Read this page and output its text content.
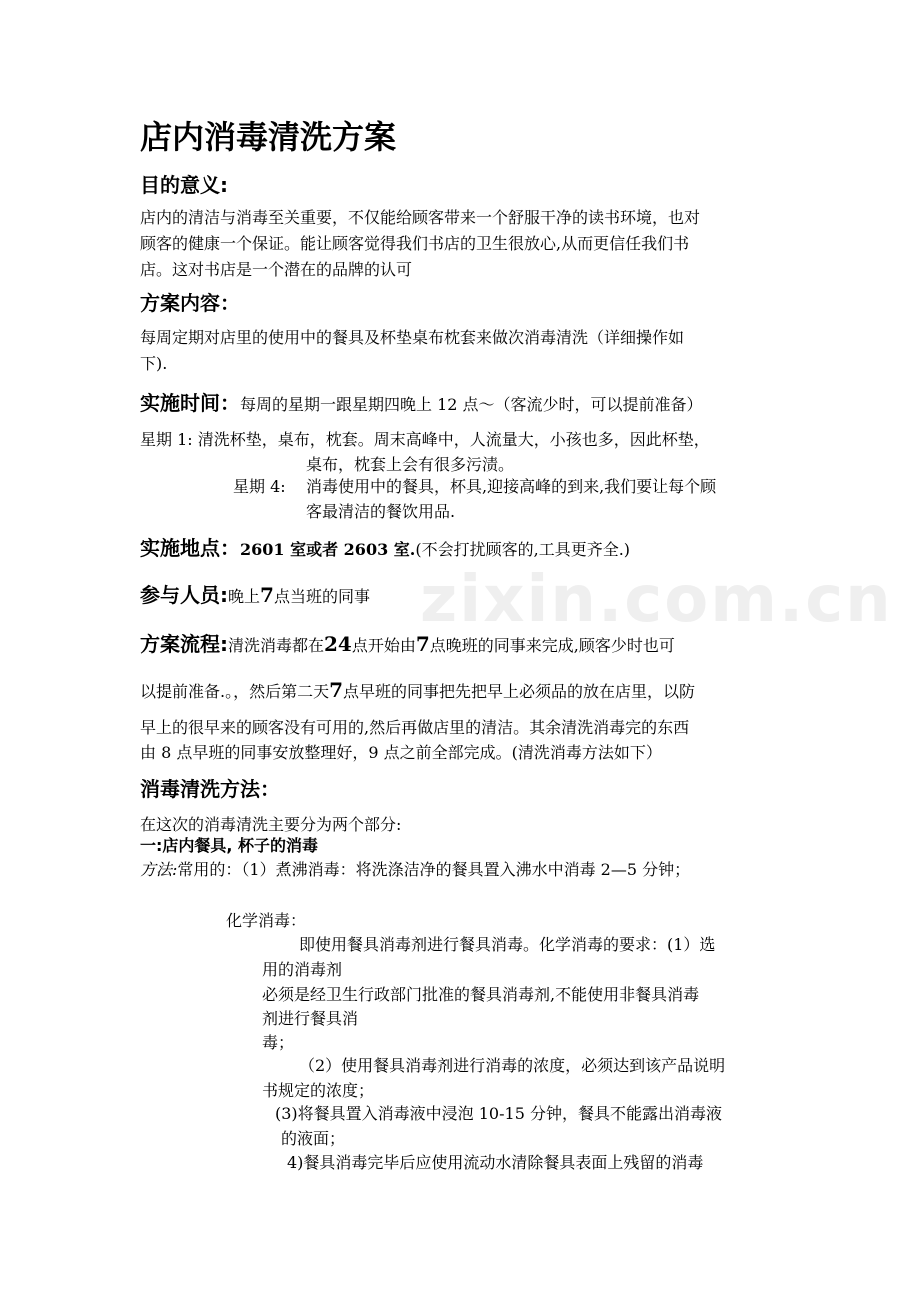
zixin.com.cn
店内消毒清洗方案
目的意义:
店内的清洁与消毒至关重要，不仅能给顾客带来一个舒服干净的读书环境，也对
顾客的健康一个保证。能让顾客觉得我们书店的卫生很放心,从而更信任我们书
店。这对书店是一个潜在的品牌的认可
方案内容：
每周定期对店里的使用中的餐具及杯垫桌布枕套来做次消毒清洗（详细操作如
下).
实施时间：每周的星期一跟星期四晚上 12 点～（客流少时，可以提前准备）
星期 1: 清洗杯垫，桌布，枕套。周末高峰中，人流量大，小孩也多，因此杯垫，
桌布，枕套上会有很多污渍。
星期 4: 消毒使用中的餐具，杯具,迎接高峰的到来,我们要让每个顾
客最清洁的餐饮用品.
实施地点：2601 室或者 2603 室.(不会打扰顾客的,工具更齐全.)
参与人员:晚上7点当班的同事
方案流程:清洗消毒都在24点开始由7点晚班的同事来完成,顾客少时也可
以提前准备.。，然后第二天7点早班的同事把先把早上必须品的放在店里，以防
早上的很早来的顾客没有可用的,然后再做店里的清洁。其余清洗消毒完的东西
由 8 点早班的同事安放整理好，9 点之前全部完成。(清洗消毒方法如下）
消毒清洗方法：
在这次的消毒清洗主要分为两个部分:
一:店内餐具, 杯子的消毒
方法:常用的：（1）煮沸消毒：将洗涤洁净的餐具置入沸水中消毒 2—5 分钟；
化学消毒：
即使用餐具消毒剂进行餐具消毒。化学消毒的要求：(1）选
用的消毒剂
必须是经卫生行政部门批准的餐具消毒剂,不能使用非餐具消毒
剂进行餐具消
毒；
（2）使用餐具消毒剂进行消毒的浓度，必须达到该产品说明
书规定的浓度；
(3)将餐具置入消毒液中浸泡 10-15 分钟，餐具不能露出消毒液
的液面；
4)餐具消毒完毕后应使用流动水清除餐具表面上残留的消毒
